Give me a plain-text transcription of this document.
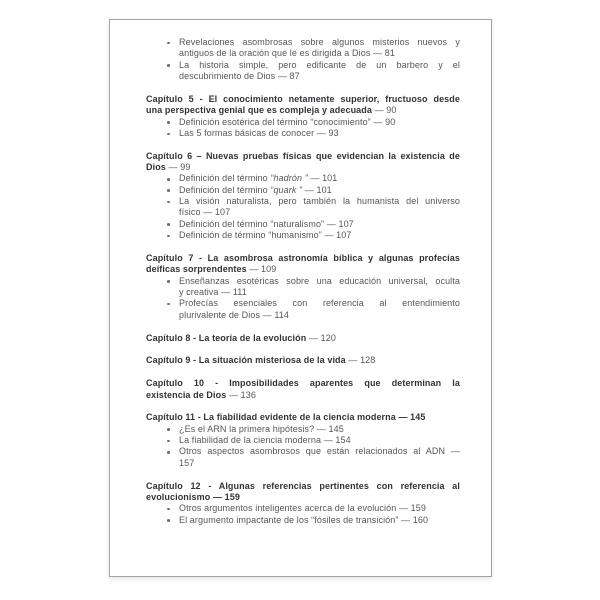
Revelaciones asombrosas sobre algunos misterios nuevos y
antiguos de la oración que le es dirigida a Dios — 81
La historia simple, pero edificante de un barbero y el
descubrimiento de Dios — 87
Capítulo 5 - El conocimiento netamente superior, fructuoso desde
una perspectiva genial que es compleja y adecuada — 90
Definición esotérica del término “conocimiento” — 90
Las 5 formas básicas de conocer — 93
Capítulo 6 – Nuevas pruebas físicas que evidencian la existencia de
Dios — 99
Definición del término “hadrón ” — 101
Definición del término “quark ” — 101
La visión naturalista, pero también la humanista del universo
físico — 107
Definición del término “naturalismo” — 107
Definición de término “humanismo” — 107
Capítulo 7 - La asombrosa astronomía bíblica y algunas profecías
deíficas sorprendentes — 109
Enseñanzas esotéricas sobre una educación universal, oculta
y creativa — 111
Profecías esenciales con referencia al entendimiento
plurivalente de Dios — 114
Capítulo 8 - La teoría de la evolución — 120
Capítulo 9 - La situación misteriosa de la vida — 128
Capítulo 10 - Imposibilidades aparentes que determinan la
existencia de Dios — 136
Capítulo 11 - La fiabilidad evidente de la ciencia moderna — 145
¿Es el ARN la primera hipótesis? — 145
La fiabilidad de la ciencia moderna — 154
Otros aspectos asombrosos que están relacionados al ADN —
157
Capítulo 12 - Algunas referencias pertinentes con referencia al
evolucionismo — 159
Otros argumentos inteligentes acerca de la evolución — 159
El argumento impactante de los “fósiles de transición” — 160
